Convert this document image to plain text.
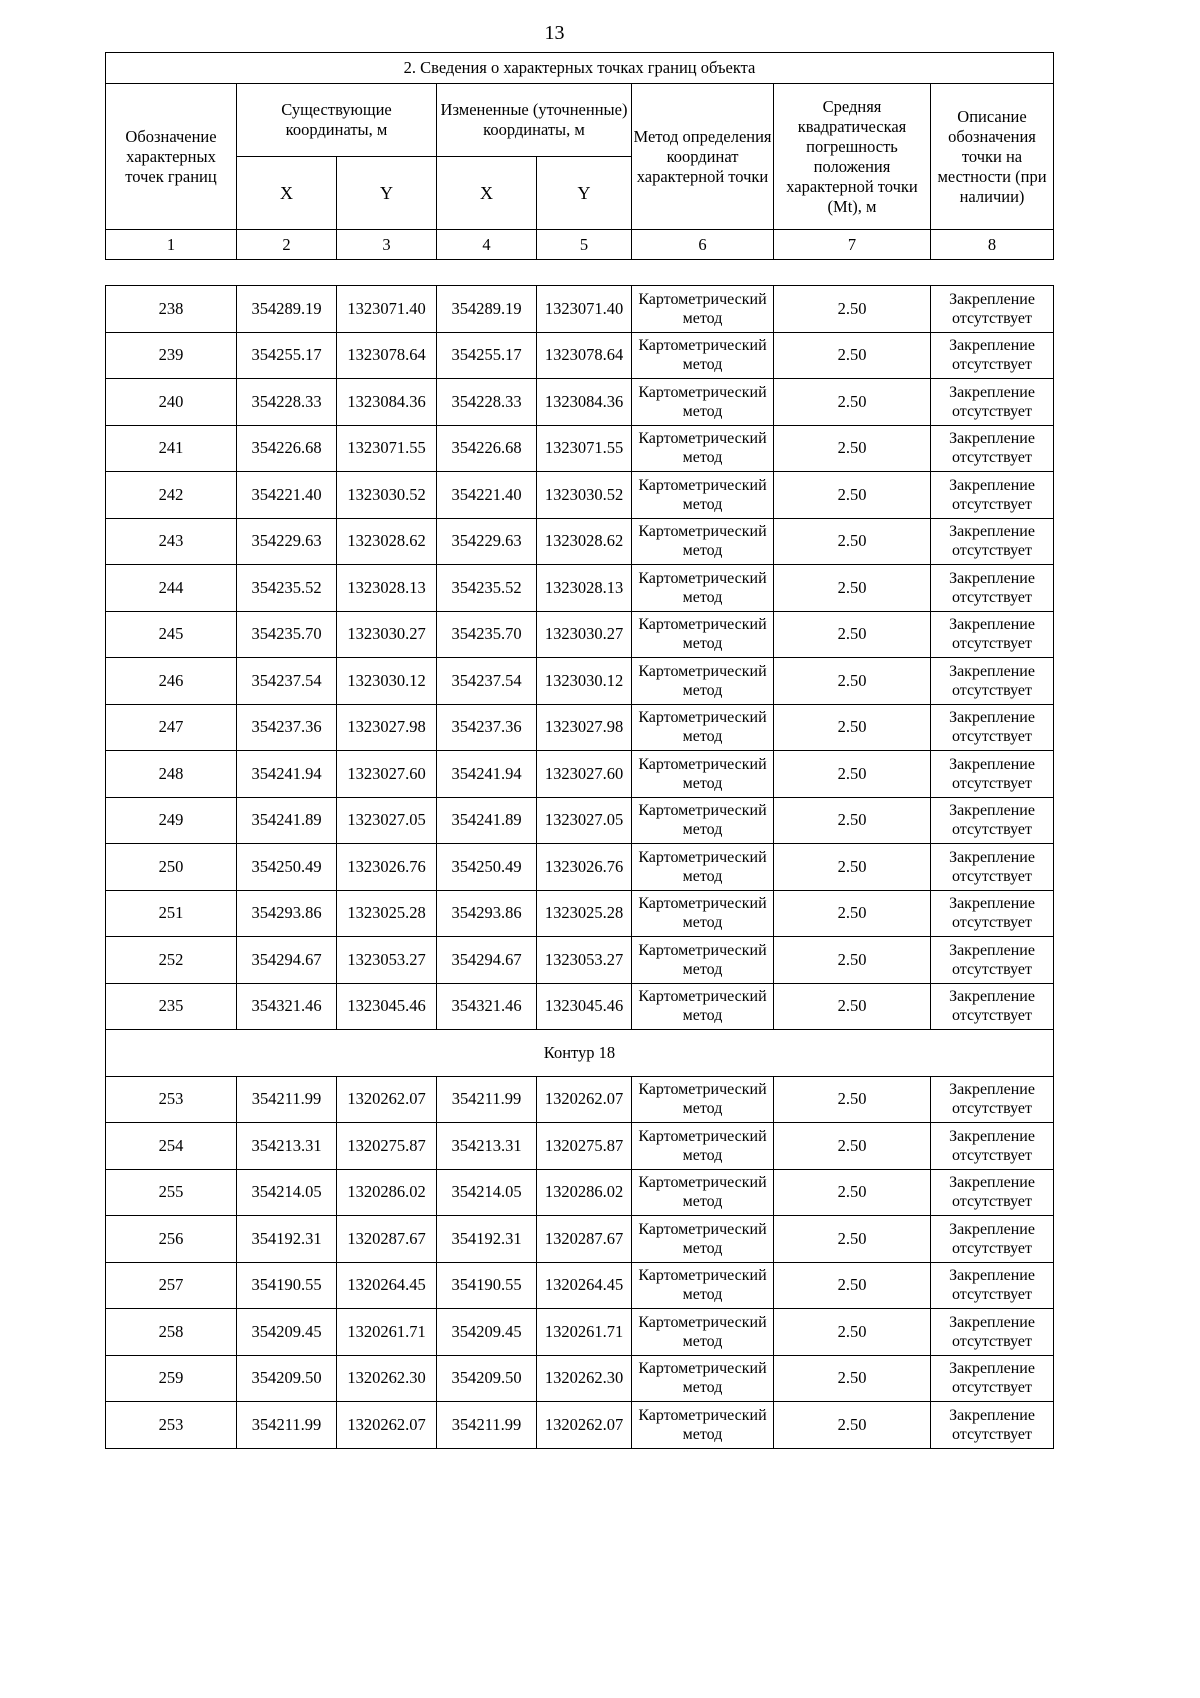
13
2. Сведения о характерных точках границ объекта							
Обозначение характерных точек границ	Существующие координаты, м		Измененные (уточненные) координаты, м		Метод определения координат характерной точки	Средняя квадратическая погрешность положения характерной точки (Mt), м	Описание обозначения точки на местности (при наличии)
	X	Y	X	Y			
1	2	3	4	5	6	7	8
238	354289.19	1323071.40	354289.19	1323071.40	Картометрический метод	2.50	Закрепление отсутствует
239	354255.17	1323078.64	354255.17	1323078.64	Картометрический метод	2.50	Закрепление отсутствует
240	354228.33	1323084.36	354228.33	1323084.36	Картометрический метод	2.50	Закрепление отсутствует
241	354226.68	1323071.55	354226.68	1323071.55	Картометрический метод	2.50	Закрепление отсутствует
242	354221.40	1323030.52	354221.40	1323030.52	Картометрический метод	2.50	Закрепление отсутствует
243	354229.63	1323028.62	354229.63	1323028.62	Картометрический метод	2.50	Закрепление отсутствует
244	354235.52	1323028.13	354235.52	1323028.13	Картометрический метод	2.50	Закрепление отсутствует
245	354235.70	1323030.27	354235.70	1323030.27	Картометрический метод	2.50	Закрепление отсутствует
246	354237.54	1323030.12	354237.54	1323030.12	Картометрический метод	2.50	Закрепление отсутствует
247	354237.36	1323027.98	354237.36	1323027.98	Картометрический метод	2.50	Закрепление отсутствует
248	354241.94	1323027.60	354241.94	1323027.60	Картометрический метод	2.50	Закрепление отсутствует
249	354241.89	1323027.05	354241.89	1323027.05	Картометрический метод	2.50	Закрепление отсутствует
250	354250.49	1323026.76	354250.49	1323026.76	Картометрический метод	2.50	Закрепление отсутствует
251	354293.86	1323025.28	354293.86	1323025.28	Картометрический метод	2.50	Закрепление отсутствует
252	354294.67	1323053.27	354294.67	1323053.27	Картометрический метод	2.50	Закрепление отсутствует
235	354321.46	1323045.46	354321.46	1323045.46	Картометрический метод	2.50	Закрепление отсутствует
Контур 18							
253	354211.99	1320262.07	354211.99	1320262.07	Картометрический метод	2.50	Закрепление отсутствует
254	354213.31	1320275.87	354213.31	1320275.87	Картометрический метод	2.50	Закрепление отсутствует
255	354214.05	1320286.02	354214.05	1320286.02	Картометрический метод	2.50	Закрепление отсутствует
256	354192.31	1320287.67	354192.31	1320287.67	Картометрический метод	2.50	Закрепление отсутствует
257	354190.55	1320264.45	354190.55	1320264.45	Картометрический метод	2.50	Закрепление отсутствует
258	354209.45	1320261.71	354209.45	1320261.71	Картометрический метод	2.50	Закрепление отсутствует
259	354209.50	1320262.30	354209.50	1320262.30	Картометрический метод	2.50	Закрепление отсутствует
253	354211.99	1320262.07	354211.99	1320262.07	Картометрический метод	2.50	Закрепление отсутствует
